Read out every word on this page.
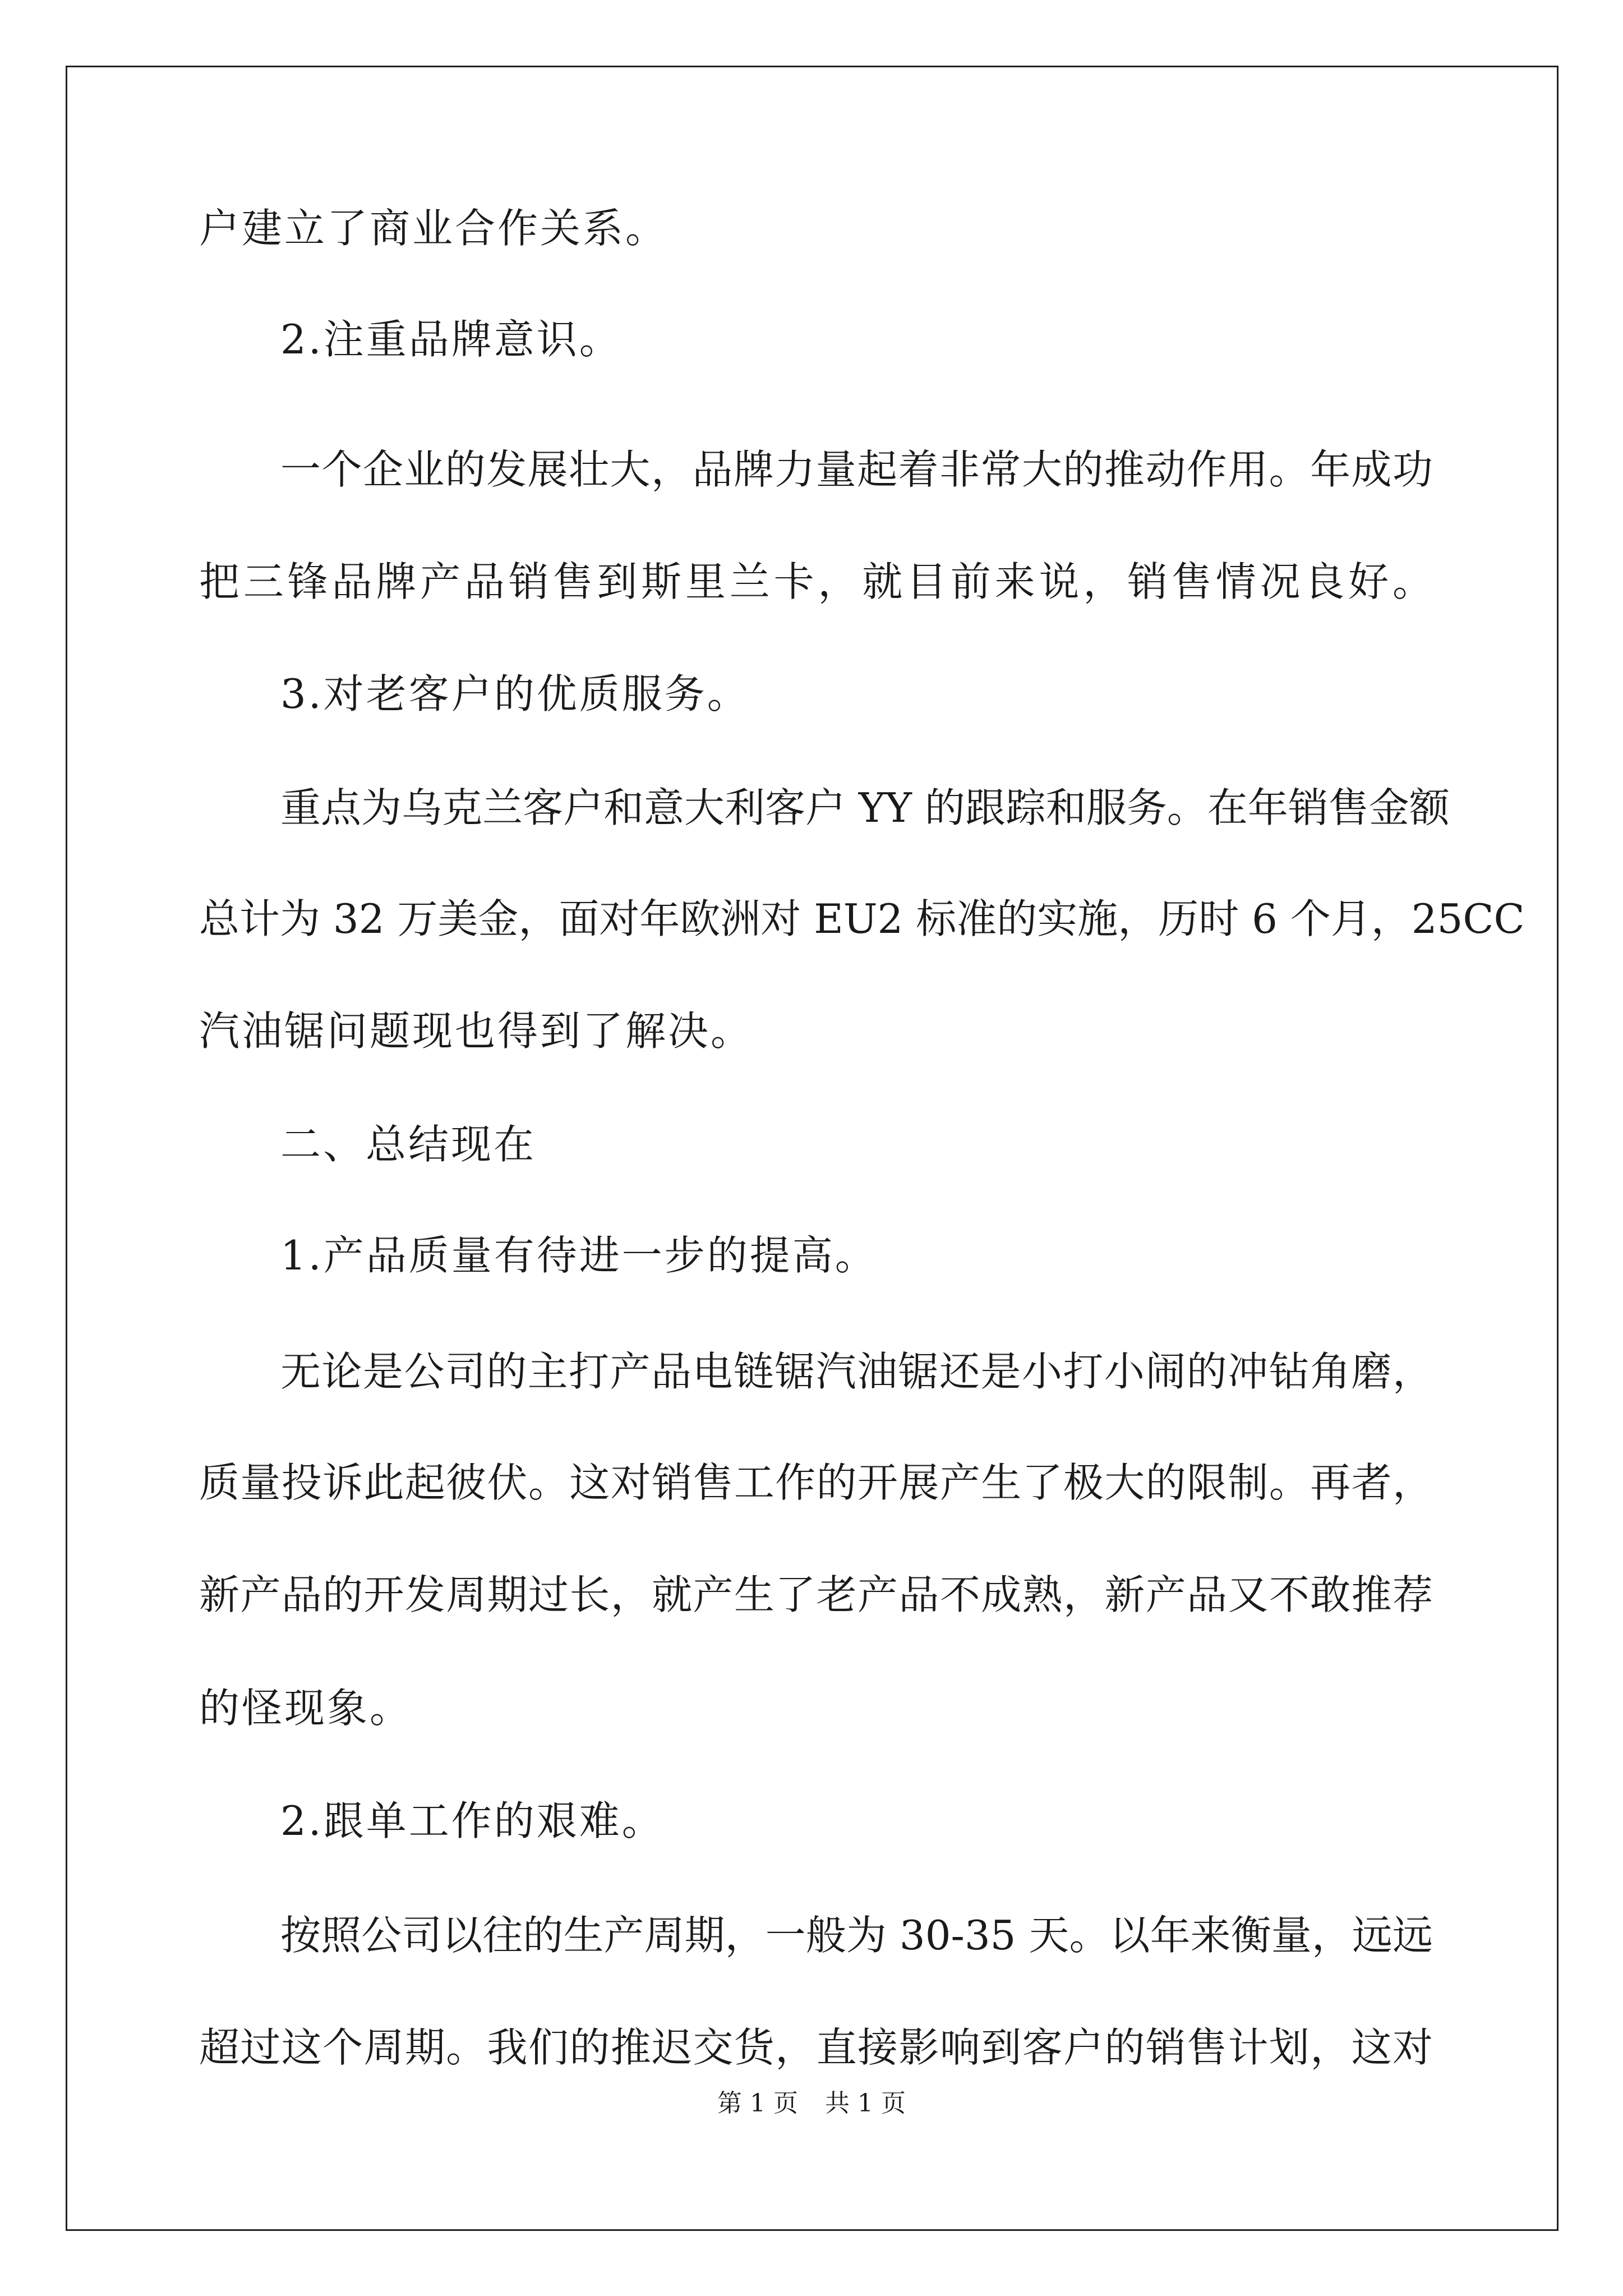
户建立了商业合作关系。
2.注重品牌意识。
一个企业的发展壮大，品牌力量起着非常大的推动作用。年成功
把三锋品牌产品销售到斯里兰卡，就目前来说，销售情况良好。
3.对老客户的优质服务。
重点为乌克兰客户和意大利客户 YY 的跟踪和服务。在年销售金额
总计为 32 万美金，面对年欧洲对 EU2 标准的实施，历时 6 个月，25CC
汽油锯问题现也得到了解决。
二、总结现在
1.产品质量有待进一步的提高。
无论是公司的主打产品电链锯汽油锯还是小打小闹的冲钻角磨，
质量投诉此起彼伏。这对销售工作的开展产生了极大的限制。再者，
新产品的开发周期过长，就产生了老产品不成熟，新产品又不敢推荐
的怪现象。
2.跟单工作的艰难。
按照公司以往的生产周期，一般为 30-35 天。以年来衡量，远远
超过这个周期。我们的推迟交货，直接影响到客户的销售计划，这对
第 1 页 共 1 页
